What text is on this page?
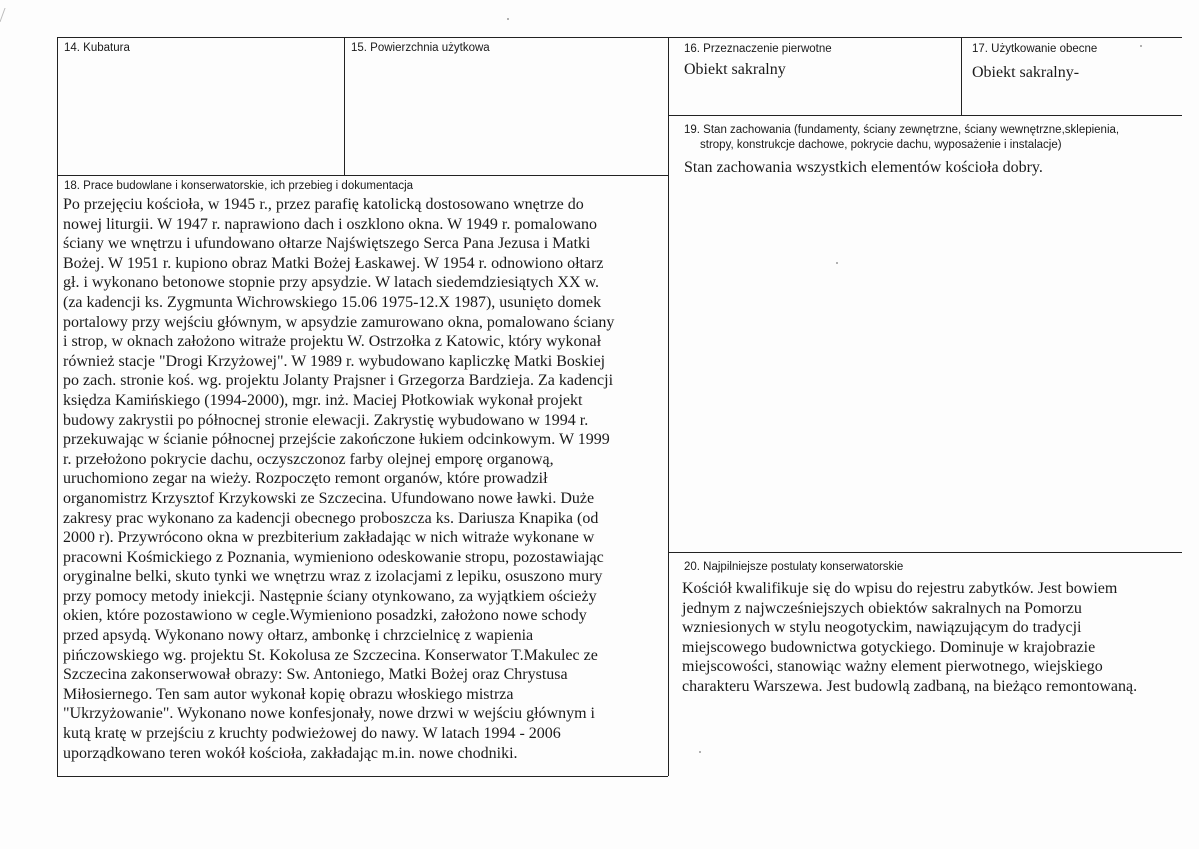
14. Kubatura	15. Powierzchnia użytkowa	16. Przeznaczenie pierwotne
Obiekt sakralny
17. Użytkowanie obecne
Obiekt sakralny-
19. Stan zachowania (fundamenty, ściany zewnętrzne, ściany wewnętrzne,sklepienia,
stropy, konstrukcje dachowe, pokrycie dachu, wyposażenie i instalacje)
Stan zachowania wszystkich elementów kościoła dobry.
18. Prace budowlane i konserwatorskie, ich przebieg i dokumentacja

Po przejęciu kościoła, w 1945 r., przez parafię katolicką dostosowano wnętrze do

nowej liturgii. W 1947 r. naprawiono dach i oszklono okna. W 1949 r. pomalowano

ściany we wnętrzu i ufundowano ołtarze Najświętszego Serca Pana Jezusa i Matki

Bożej. W 1951 r. kupiono obraz Matki Bożej Łaskawej. W 1954 r. odnowiono ołtarz

gł. i wykonano betonowe stopnie przy apsydzie. W latach siedemdziesiątych XX w.

(za kadencji ks. Zygmunta Wichrowskiego 15.06 1975-12.X 1987), usunięto domek

portalowy przy wejściu głównym, w apsydzie zamurowano okna, pomalowano ściany

i strop, w oknach założono witraże projektu W. Ostrzołka z Katowic, który wykonał

również stacje "Drogi Krzyżowej". W 1989 r. wybudowano kapliczkę Matki Boskiej

po zach. stronie koś. wg. projektu Jolanty Prajsner i Grzegorza Bardzieja. Za kadencji

księdza Kamińskiego (1994-2000), mgr. inż. Maciej Płotkowiak wykonał projekt

budowy zakrystii po północnej stronie elewacji. Zakrystię wybudowano w 1994 r.

przekuwając w ścianie północnej przejście zakończone łukiem odcinkowym. W 1999

r. przełożono pokrycie dachu, oczyszczonoz farby olejnej emporę organową,

uruchomiono zegar na wieży. Rozpoczęto remont organów, które prowadził

organomistrz Krzysztof Krzykowski ze Szczecina. Ufundowano nowe ławki. Duże

zakresy prac wykonano za kadencji obecnego proboszcza ks. Dariusza Knapika (od

2000 r). Przywrócono okna w prezbiterium zakładając w nich witraże wykonane w

pracowni Kośmickiego z Poznania, wymieniono odeskowanie stropu, pozostawiając

oryginalne belki, skuto tynki we wnętrzu wraz z izolacjami z lepiku, osuszono mury

przy pomocy metody iniekcji. Następnie ściany otynkowano, za wyjątkiem ościeży

okien, które pozostawiono w cegle.Wymieniono posadzki, założono nowe schody

przed apsydą. Wykonano nowy ołtarz, ambonkę i chrzcielnicę z wapienia

pińczowskiego wg. projektu St. Kokolusa ze Szczecina. Konserwator T.Makulec ze

Szczecina zakonserwował obrazy: Sw. Antoniego, Matki Bożej oraz Chrystusa

Miłosiernego. Ten sam autor wykonał kopię obrazu włoskiego mistrza

"Ukrzyżowanie". Wykonano nowe konfesjonały, nowe drzwi w wejściu głównym i

kutą kratę w przejściu z kruchty podwieżowej do nawy. W latach 1994 - 2006

uporządkowano teren wokół kościoła, zakładając m.in. nowe chodniki.

20. Najpilniejsze postulaty konserwatorskie

Kościół kwalifikuje się do wpisu do rejestru zabytków. Jest bowiem

jednym z najwcześniejszych obiektów sakralnych na Pomorzu

wzniesionych w stylu neogotyckim, nawiązującym do tradycji

miejscowego budownictwa gotyckiego. Dominuje w krajobrazie

miejscowości, stanowiąc ważny element pierwotnego, wiejskiego

charakteru Warszewa. Jest budowlą zadbaną, na bieżąco remontowaną.
